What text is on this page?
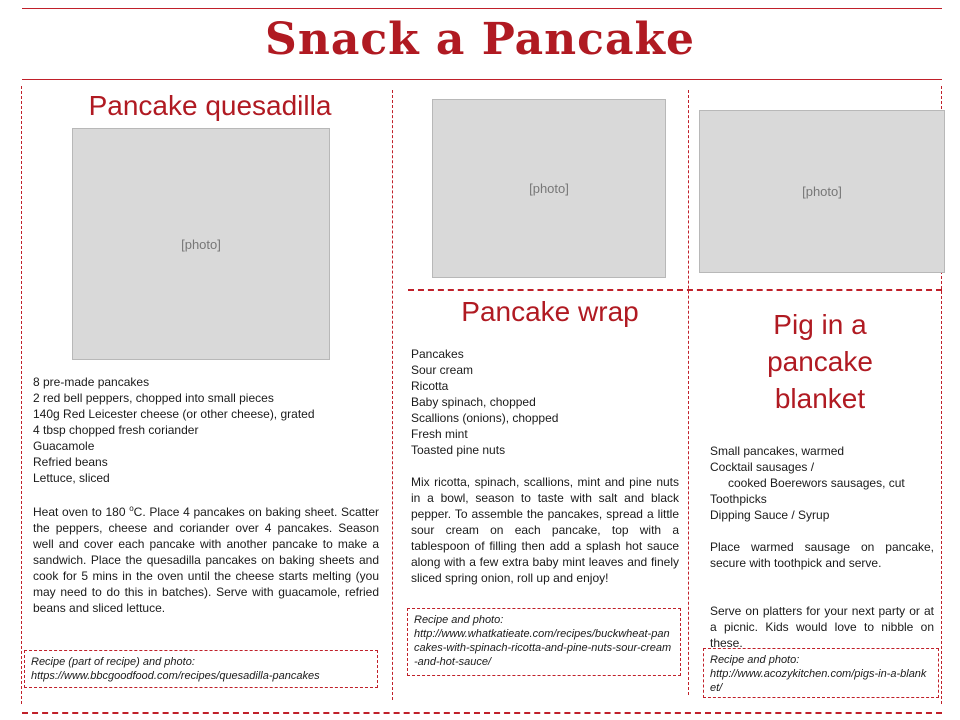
Snack a Pancake
Pancake quesadilla
[photo]
8 pre-made pancakes
2 red bell peppers, chopped into small pieces
140g Red Leicester cheese (or other cheese), grated
4 tbsp chopped fresh coriander
Guacamole
Refried beans
Lettuce, sliced
Heat oven to 180 $^o$C. Place 4 pancakes on baking sheet. Scatter the peppers, cheese and coriander over 4 pancakes. Season well and cover each pancake with another pancake to make a sandwich. Place the quesadilla pancakes on baking sheets and cook for 5 mins in the oven until the cheese starts melting (you may need to do this in batches). Serve with guacamole, refried beans and sliced lettuce.
Recipe (part of recipe) and photo:
https://www.bbcgoodfood.com/recipes/quesadilla-pancakes
[photo]
Pancake wrap
Pancakes
Sour cream
Ricotta
Baby spinach, chopped
Scallions (onions), chopped
Fresh mint
Toasted pine nuts
Mix ricotta, spinach, scallions, mint and pine nuts in a bowl, season to taste with salt and black pepper. To assemble the pancakes, spread a little sour cream on each pancake, top with a tablespoon of filling then add a splash hot sauce along with a few extra baby mint leaves and finely sliced spring onion, roll up and enjoy!
Recipe and photo:
http://www.whatkatieate.com/recipes/buckwheat-pancakes-with-spinach-ricotta-and-pine-nuts-sour-cream-and-hot-sauce/
[photo]
Pig in a
pancake
blanket
Small pancakes, warmed
Cocktail sausages /
cooked Boerewors sausages, cut
Toothpicks
Dipping Sauce / Syrup
Place warmed sausage on pancake, secure with toothpick and serve.
Serve on platters for your next party or at a picnic. Kids would love to nibble on these.
Recipe and photo:
http://www.acozykitchen.com/pigs-in-a-blanket/
